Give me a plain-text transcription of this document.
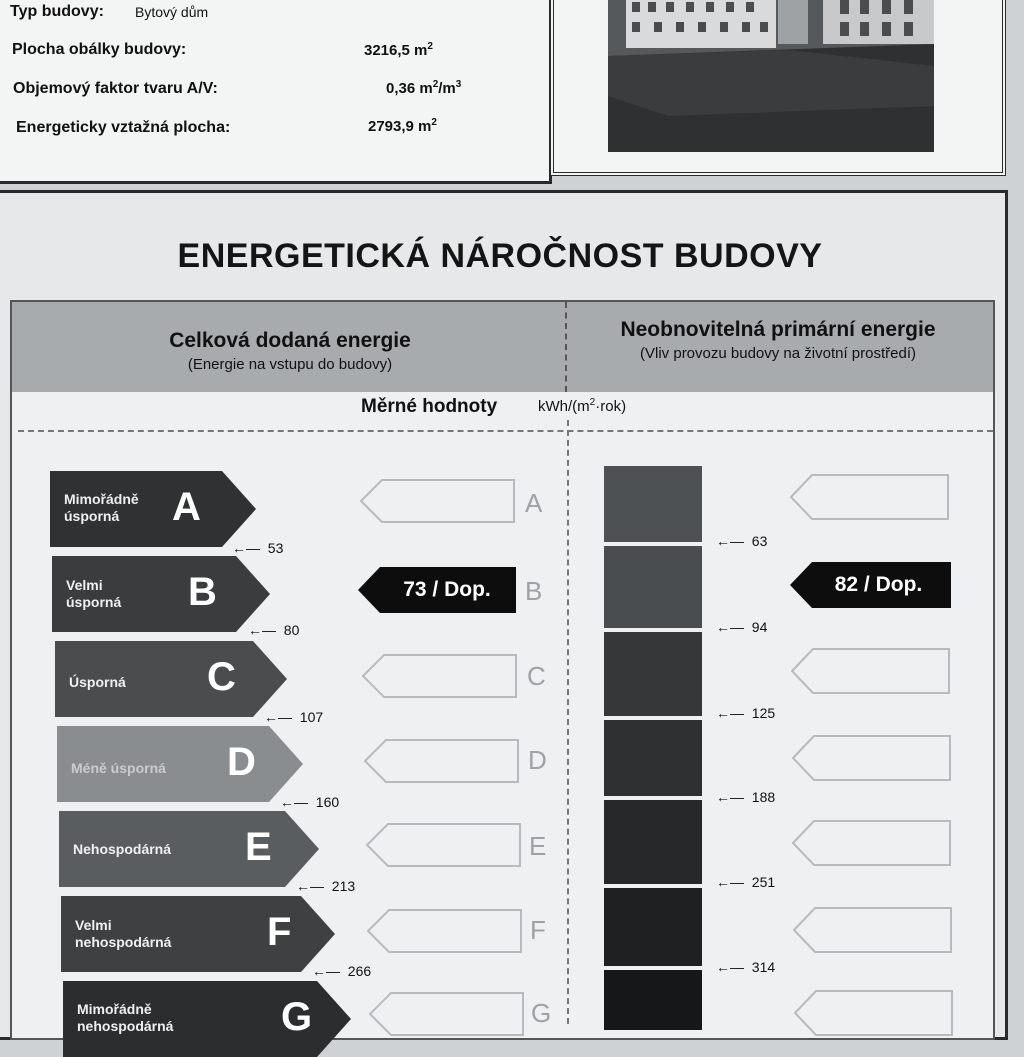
Typ budovy: Bytový dům
Plocha obálky budovy:	3216,5 $m^2$
Objemový faktor tvaru A/V:	0,36 $m^2/m^3$
Energeticky vztažná plocha:	2793,9 $m^2$
ENERGETICKÁ NÁROČNOST BUDOVY
Celková dodaná energie
(Energie na vstupu do budovy)
Neobnovitelná primární energie
(Vliv provozu budovy na životní prostředí)
Měrné hodnoty	kWh/$(m^2\cdot rok)$
Mimořádně
úsporná	A
Velmi
úsporná B
Úsporná C
Méně úsporná D
Nehospodárná E
Velmi
nehospodárná F
Mimořádně
nehospodárná	G
←—  53
←—  80
←—  107
←—  160
←—  213
←—  266
A
73 / Dop.	B
C
D
E
F
G
←—  63
←—  94
←—  125
←—  188
←—  251
←—  314
82 / Dop.
